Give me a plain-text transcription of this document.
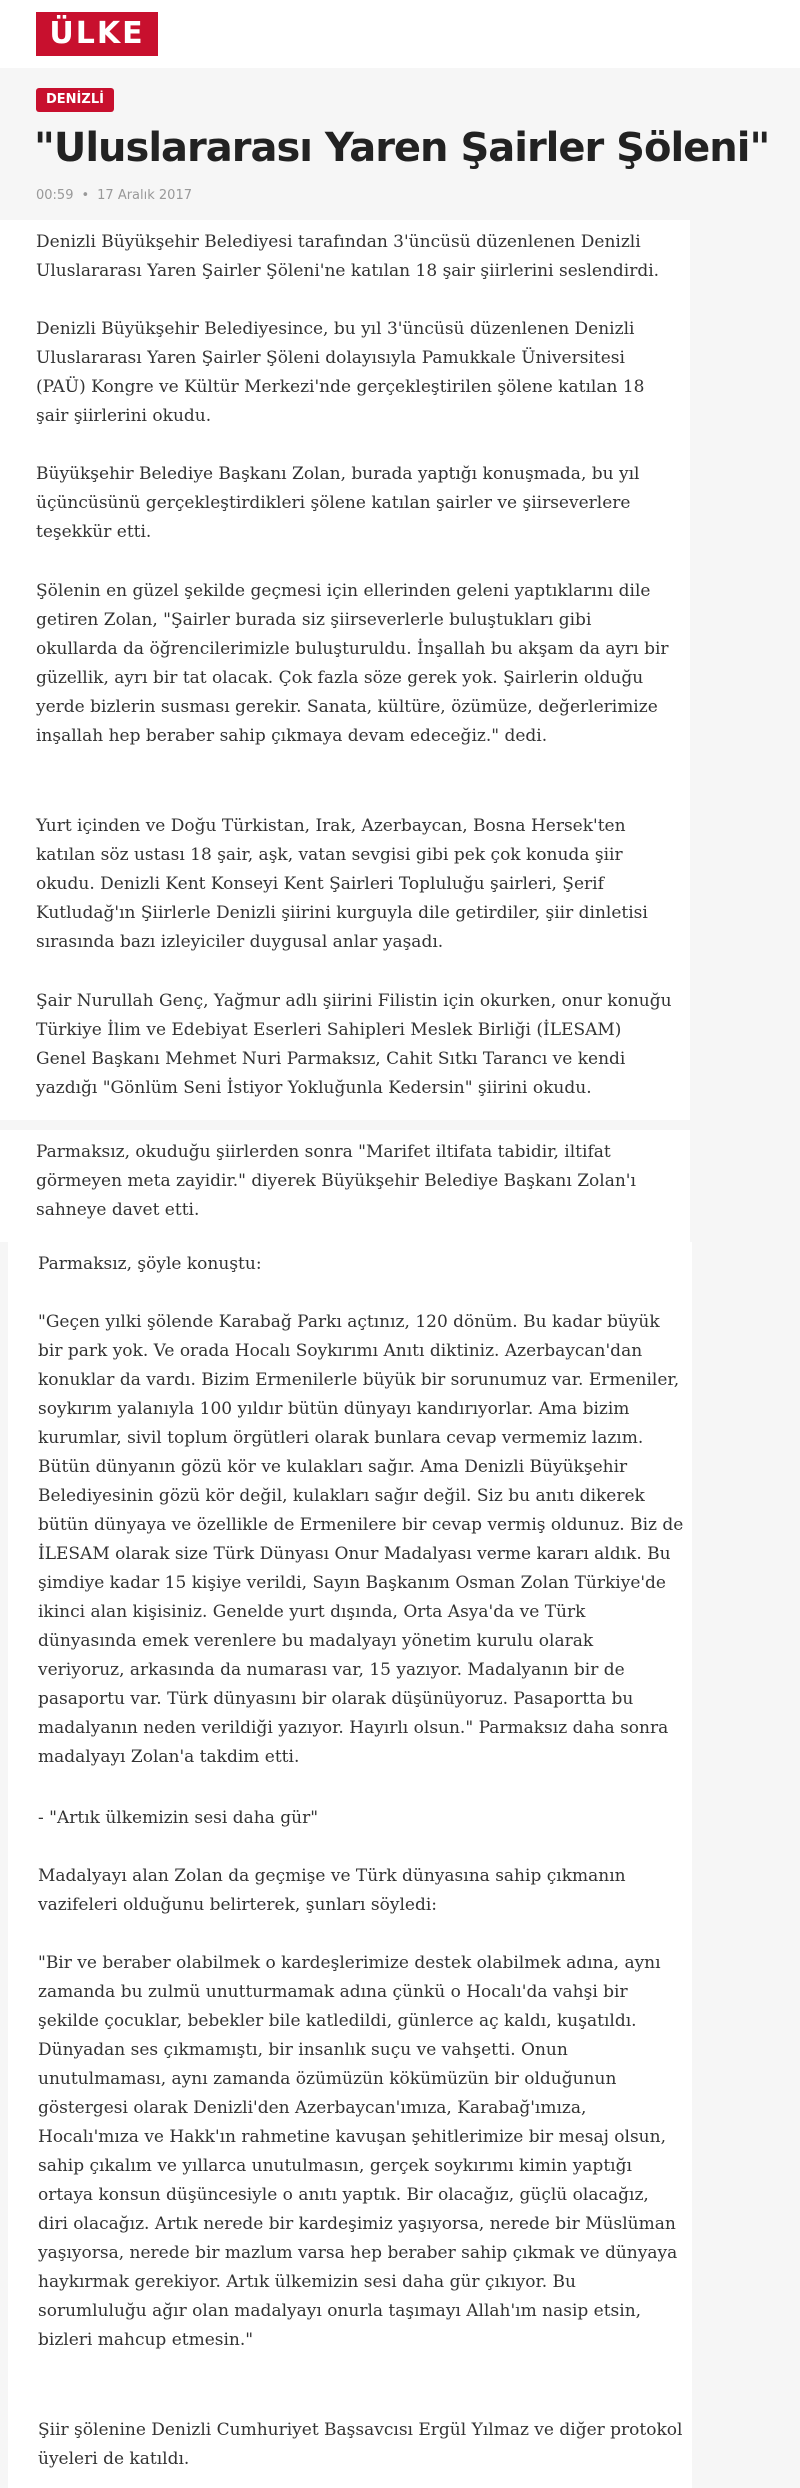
ÜLKE
DENİZLİ
"Uluslararası Yaren Şairler Şöleni"
00:59 • 17 Aralık 2017

Denizli Büyükşehir Belediyesi tarafından 3'üncüsü düzenlenen Denizli Uluslararası Yaren Şairler Şöleni'ne katılan 18 şair şiirlerini seslendirdi.

Denizli Büyükşehir Belediyesince, bu yıl 3'üncüsü düzenlenen Denizli Uluslararası Yaren Şairler Şöleni dolayısıyla Pamukkale Üniversitesi (PAÜ) Kongre ve Kültür Merkezi'nde gerçekleştirilen şölene katılan 18 şair şiirlerini okudu.

Büyükşehir Belediye Başkanı Zolan, burada yaptığı konuşmada, bu yıl üçüncüsünü gerçekleştirdikleri şölene katılan şairler ve şiirseverlere teşekkür etti.

Şölenin en güzel şekilde geçmesi için ellerinden geleni yaptıklarını dile getiren Zolan, "Şairler burada siz şiirseverlerle buluştukları gibi okullarda da öğrencilerimizle buluşturuldu. İnşallah bu akşam da ayrı bir güzellik, ayrı bir tat olacak. Çok fazla söze gerek yok. Şairlerin olduğu yerde bizlerin susması gerekir. Sanata, kültüre, özümüze, değerlerimize inşallah hep beraber sahip çıkmaya devam edeceğiz." dedi.

Yurt içinden ve Doğu Türkistan, Irak, Azerbaycan, Bosna Hersek'ten katılan söz ustası 18 şair, aşk, vatan sevgisi gibi pek çok konuda şiir okudu. Denizli Kent Konseyi Kent Şairleri Topluluğu şairleri, Şerif Kutludağ'ın Şiirlerle Denizli şiirini kurguyla dile getirdiler, şiir dinletisi sırasında bazı izleyiciler duygusal anlar yaşadı.

Şair Nurullah Genç, Yağmur adlı şiirini Filistin için okurken, onur konuğu Türkiye İlim ve Edebiyat Eserleri Sahipleri Meslek Birliği (İLESAM) Genel Başkanı Mehmet Nuri Parmaksız, Cahit Sıtkı Tarancı ve kendi yazdığı "Gönlüm Seni İstiyor Yokluğunla Kedersin" şiirini okudu.

Parmaksız, okuduğu şiirlerden sonra "Marifet iltifata tabidir, iltifat görmeyen meta zayidir." diyerek Büyükşehir Belediye Başkanı Zolan'ı sahneye davet etti.

Parmaksız, şöyle konuştu:

"Geçen yılki şölende Karabağ Parkı açtınız, 120 dönüm. Bu kadar büyük bir park yok. Ve orada Hocalı Soykırımı Anıtı diktiniz. Azerbaycan'dan konuklar da vardı. Bizim Ermenilerle büyük bir sorunumuz var. Ermeniler, soykırım yalanıyla 100 yıldır bütün dünyayı kandırıyorlar. Ama bizim kurumlar, sivil toplum örgütleri olarak bunlara cevap vermemiz lazım. Bütün dünyanın gözü kör ve kulakları sağır. Ama Denizli Büyükşehir Belediyesinin gözü kör değil, kulakları sağır değil. Siz bu anıtı dikerek bütün dünyaya ve özellikle de Ermenilere bir cevap vermiş oldunuz. Biz de İLESAM olarak size Türk Dünyası Onur Madalyası verme kararı aldık. Bu şimdiye kadar 15 kişiye verildi, Sayın Başkanım Osman Zolan Türkiye'de ikinci alan kişisiniz. Genelde yurt dışında, Orta Asya'da ve Türk dünyasında emek verenlere bu madalyayı yönetim kurulu olarak veriyoruz, arkasında da numarası var, 15 yazıyor. Madalyanın bir de pasaportu var. Türk dünyasını bir olarak düşünüyoruz. Pasaportta bu madalyanın neden verildiği yazıyor. Hayırlı olsun." Parmaksız daha sonra madalyayı Zolan'a takdim etti.

- "Artık ülkemizin sesi daha gür"

Madalyayı alan Zolan da geçmişe ve Türk dünyasına sahip çıkmanın vazifeleri olduğunu belirterek, şunları söyledi:

"Bir ve beraber olabilmek o kardeşlerimize destek olabilmek adına, aynı zamanda bu zulmü unutturmamak adına çünkü o Hocalı'da vahşi bir şekilde çocuklar, bebekler bile katledildi, günlerce aç kaldı, kuşatıldı. Dünyadan ses çıkmamıştı, bir insanlık suçu ve vahşetti. Onun unutulmaması, aynı zamanda özümüzün kökümüzün bir olduğunun göstergesi olarak Denizli'den Azerbaycan'ımıza, Karabağ'ımıza, Hocalı'mıza ve Hakk'ın rahmetine kavuşan şehitlerimize bir mesaj olsun, sahip çıkalım ve yıllarca unutulmasın, gerçek soykırımı kimin yaptığı ortaya konsun düşüncesiyle o anıtı yaptık. Bir olacağız, güçlü olacağız, diri olacağız. Artık nerede bir kardeşimiz yaşıyorsa, nerede bir Müslüman yaşıyorsa, nerede bir mazlum varsa hep beraber sahip çıkmak ve dünyaya haykırmak gerekiyor. Artık ülkemizin sesi daha gür çıkıyor. Bu sorumluluğu ağır olan madalyayı onurla taşımayı Allah'ım nasip etsin, bizleri mahcup etmesin."

Şiir şölenine Denizli Cumhuriyet Başsavcısı Ergül Yılmaz ve diğer protokol üyeleri de katıldı.
